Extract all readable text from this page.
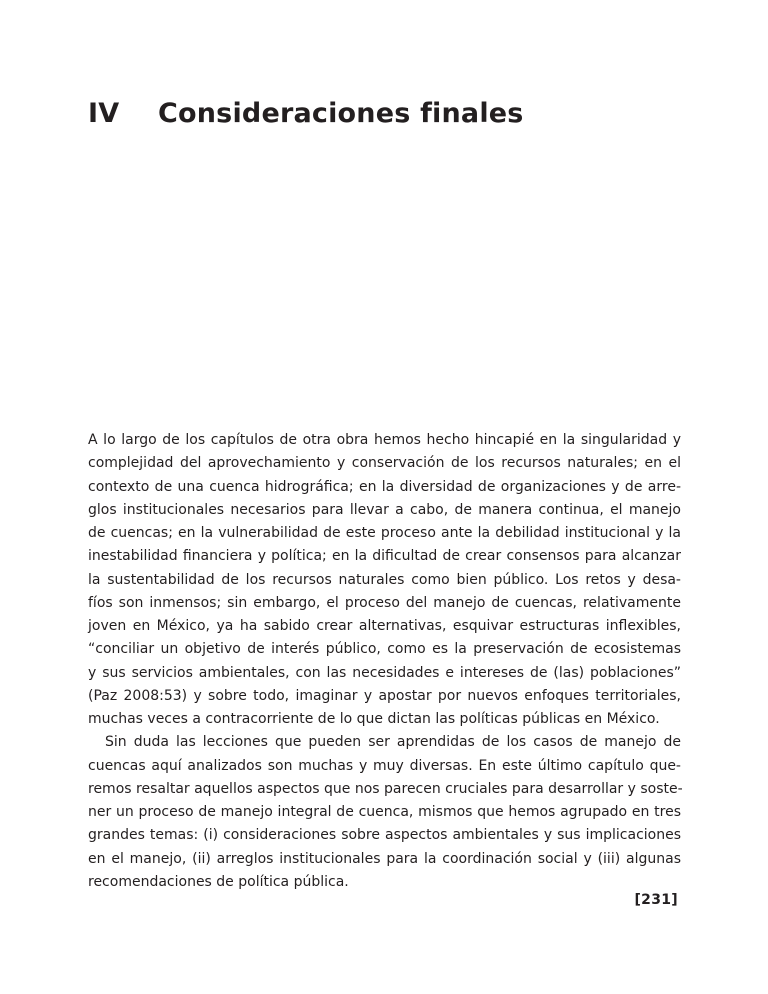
IV	Consideraciones finales
A lo largo de los capítulos de otra obra hemos hecho hincapié en la singularidad y
complejidad del aprovechamiento y conservación de los recursos naturales; en el
contexto de una cuenca hidrográfica; en la diversidad de organizaciones y de arre-
glos institucionales necesarios para llevar a cabo, de manera continua, el manejo
de cuencas; en la vulnerabilidad de este proceso ante la debilidad institucional y la
inestabilidad financiera y política; en la dificultad de crear consensos para alcanzar
la sustentabilidad de los recursos naturales como bien público. Los retos y desa-
fíos son inmensos; sin embargo, el proceso del manejo de cuencas, relativamente
joven en México, ya ha sabido crear alternativas, esquivar estructuras inflexibles,
“conciliar un objetivo de interés público, como es la preservación de ecosistemas
y sus servicios ambientales, con las necesidades e intereses de (las) poblaciones”
(Paz 2008:53) y sobre todo, imaginar y apostar por nuevos enfoques territoriales,
muchas veces a contracorriente de lo que dictan las políticas públicas en México.
Sin duda las lecciones que pueden ser aprendidas de los casos de manejo de
cuencas aquí analizados son muchas y muy diversas. En este último capítulo que-
remos resaltar aquellos aspectos que nos parecen cruciales para desarrollar y soste-
ner un proceso de manejo integral de cuenca, mismos que hemos agrupado en tres
grandes temas: (i) consideraciones sobre aspectos ambientales y sus implicaciones
en el manejo, (ii) arreglos institucionales para la coordinación social y (iii) algunas
recomendaciones de política pública.
[231]
